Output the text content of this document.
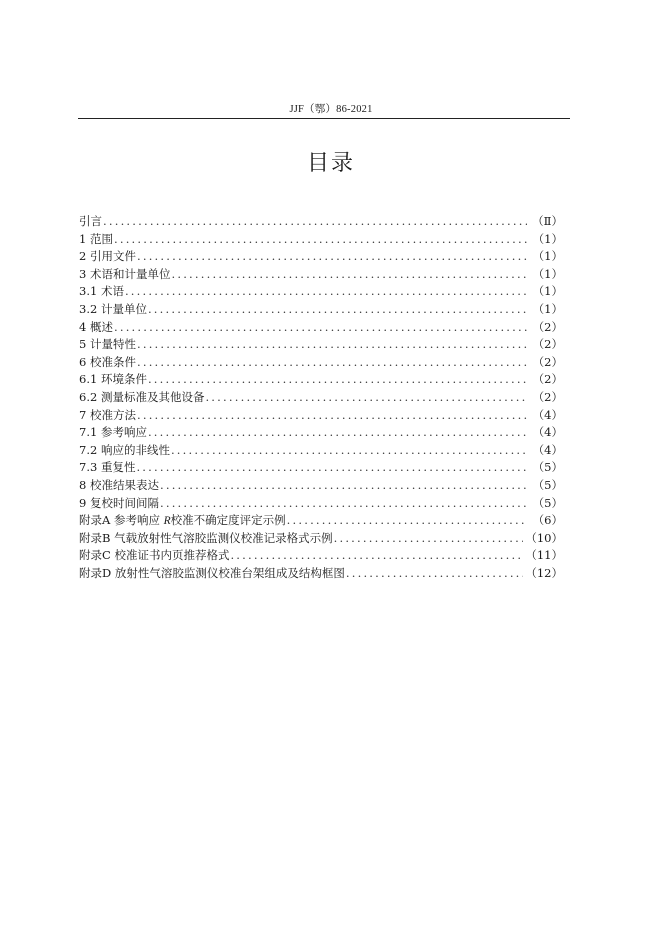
JJF（鄂）86-2021
目录
引言 .....	（Ⅱ）
1 范围 .....	（1）
2 引用文件 .....	（1）
3 术语和计量单位 .....	（1）
3.1 术语 .....	（1）
3.2 计量单位 .....	（1）
4 概述 .....	（2）
5 计量特性 .....	（2）
6 校准条件 .....	（2）
6.1 环境条件 .....	（2）
6.2 测量标准及其他设备 .....	（2）
7 校准方法 .....	（4）
7.1 参考响应 .....	（4）
7.2 响应的非线性 .....	（4）
7.3 重复性 .....	（5）
8 校准结果表达 .....	（5）
9 复校时间间隔 .....	（5）
附录A 参考响应 R校准不确定度评定示例 .....	（6）
附录B 气载放射性气溶胶监测仪校准记录格式示例 .....	（10）
附录C 校准证书内页推荐格式 .....	（11）
附录D 放射性气溶胶监测仪校准台架组成及结构框图 .....	（12）
